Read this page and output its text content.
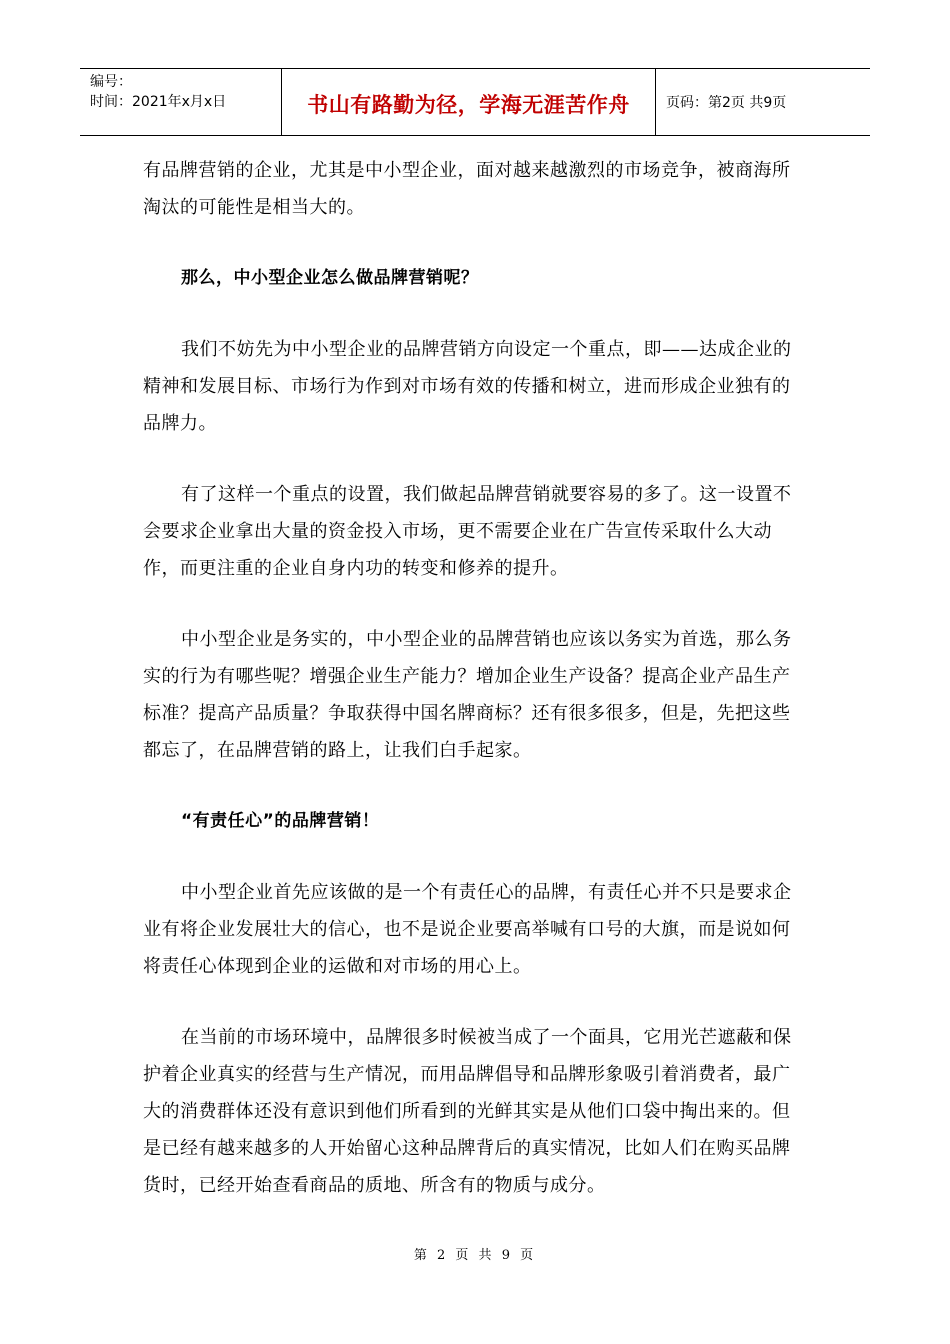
编号：
时间：2021年x月x日	书山有路勤为径，学海无涯苦作舟	页码：第2页 共9页

有品牌营销的企业，尤其是中小型企业，面对越来越激烈的市场竞争，被商海所淘汰的可能性是相当大的。

那么，中小型企业怎么做品牌营销呢？

我们不妨先为中小型企业的品牌营销方向设定一个重点，即——达成企业的精神和发展目标、市场行为作到对市场有效的传播和树立，进而形成企业独有的品牌力。

有了这样一个重点的设置，我们做起品牌营销就要容易的多了。这一设置不会要求企业拿出大量的资金投入市场，更不需要企业在广告宣传采取什么大动作，而更注重的企业自身内功的转变和修养的提升。

中小型企业是务实的，中小型企业的品牌营销也应该以务实为首选，那么务实的行为有哪些呢？增强企业生产能力？增加企业生产设备？提高企业产品生产标准？提高产品质量？争取获得中国名牌商标？还有很多很多，但是，先把这些都忘了，在品牌营销的路上，让我们白手起家。

“有责任心”的品牌营销！

中小型企业首先应该做的是一个有责任心的品牌，有责任心并不只是要求企业有将企业发展壮大的信心，也不是说企业要高举喊有口号的大旗，而是说如何将责任心体现到企业的运做和对市场的用心上。

在当前的市场环境中，品牌很多时候被当成了一个面具，它用光芒遮蔽和保护着企业真实的经营与生产情况，而用品牌倡导和品牌形象吸引着消费者，最广大的消费群体还没有意识到他们所看到的光鲜其实是从他们口袋中掏出来的。但是已经有越来越多的人开始留心这种品牌背后的真实情况，比如人们在购买品牌货时，已经开始查看商品的质地、所含有的物质与成分。

第 2 页 共 9 页
